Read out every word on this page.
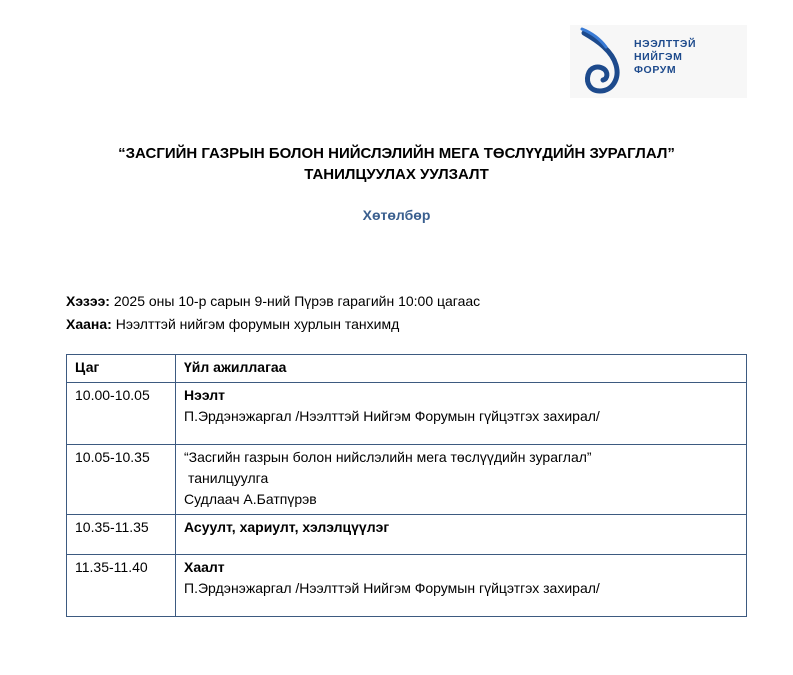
НЭЭЛТТЭЙ
НИЙГЭМ
ФОРУМ
“ЗАСГИЙН ГАЗРЫН БОЛОН НИЙСЛЭЛИЙН МЕГА ТӨСЛҮҮДИЙН ЗУРАГЛАЛ”
ТАНИЛЦУУЛАХ УУЛЗАЛТ
Хөтөлбөр
Хэзээ: 2025 оны 10-р сарын 9-ний Пүрэв гарагийн 10:00 цагаас
Хаана: Нээлттэй нийгэм форумын хурлын танхимд
Цаг	Үйл ажиллагаа
10.00-10.05	Нээлт
П.Эрдэнэжаргал /Нээлттэй Нийгэм Форумын гүйцэтгэх захирал/

10.05-10.35	“Засгийн газрын болон нийслэлийн мега төслүүдийн зураглал”
танилцуулга
Судлаач А.Батпүрэв

10.35-11.35	Асуулт, хариулт, хэлэлцүүлэг

11.35-11.40	Хаалт
П.Эрдэнэжаргал /Нээлттэй Нийгэм Форумын гүйцэтгэх захирал/
